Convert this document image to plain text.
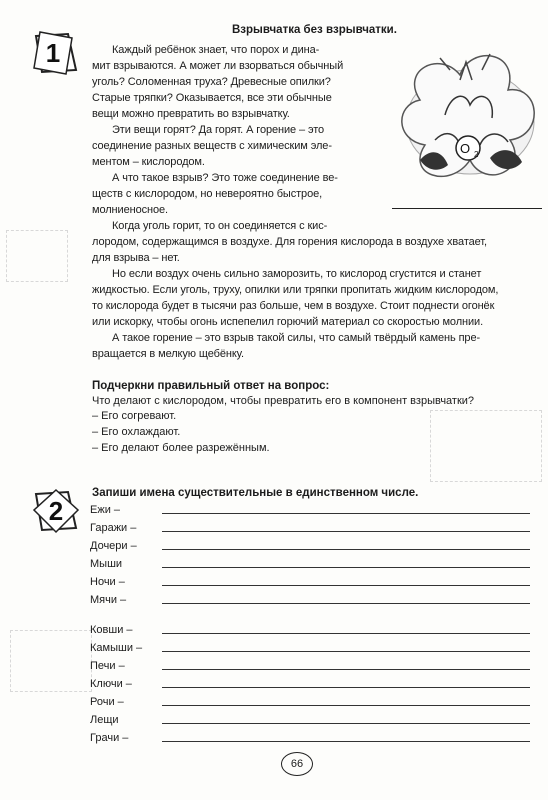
1
Взрывчатка без взрывчатки.
Каждый ребёнок знает, что порох и дина-
мит взрываются. А может ли взорваться обычный
уголь? Соломенная труха? Древесные опилки?
Старые тряпки? Оказывается, все эти обычные
вещи можно превратить во взрывчатку.
Эти вещи горят? Да горят. А горение – это
соединение разных веществ с химическим эле-
ментом – кислородом.
А что такое взрыв? Это тоже соединение ве-
ществ с кислородом, но невероятно быстрое,
молниеносное.
Когда уголь горит, то он соединяется с кис-
лородом, содержащимся в воздухе. Для горения кислорода в воздухе хватает,
для взрыва – нет.
Но если воздух очень сильно заморозить, то кислород сгустится и станет
жидкостью. Если уголь, труху, опилки или тряпки пропитать жидким кислородом,
то кислорода будет в тысячи раз больше, чем в воздухе. Стоит поднести огонёк
или искорку, чтобы огонь испепелил горючий материал со скоростью молнии.
А такое горение – это взрыв такой силы, что самый твёрдый камень пре-
вращается в мелкую щебёнку.
O 2
Подчеркни правильный ответ на вопрос:
Что делают с кислородом, чтобы превратить его в компонент взрывчатки?
– Его согревают.
– Его охлаждают.
– Его делают более разрежённым.
2
Запиши имена существительные в единственном числе.
Ежи –
Гаражи –
Дочери –
Мыши
Ночи –
Мячи –
Ковши –
Камыши –
Печи –
Ключи –
Рочи –
Лещи
Грачи –
66
